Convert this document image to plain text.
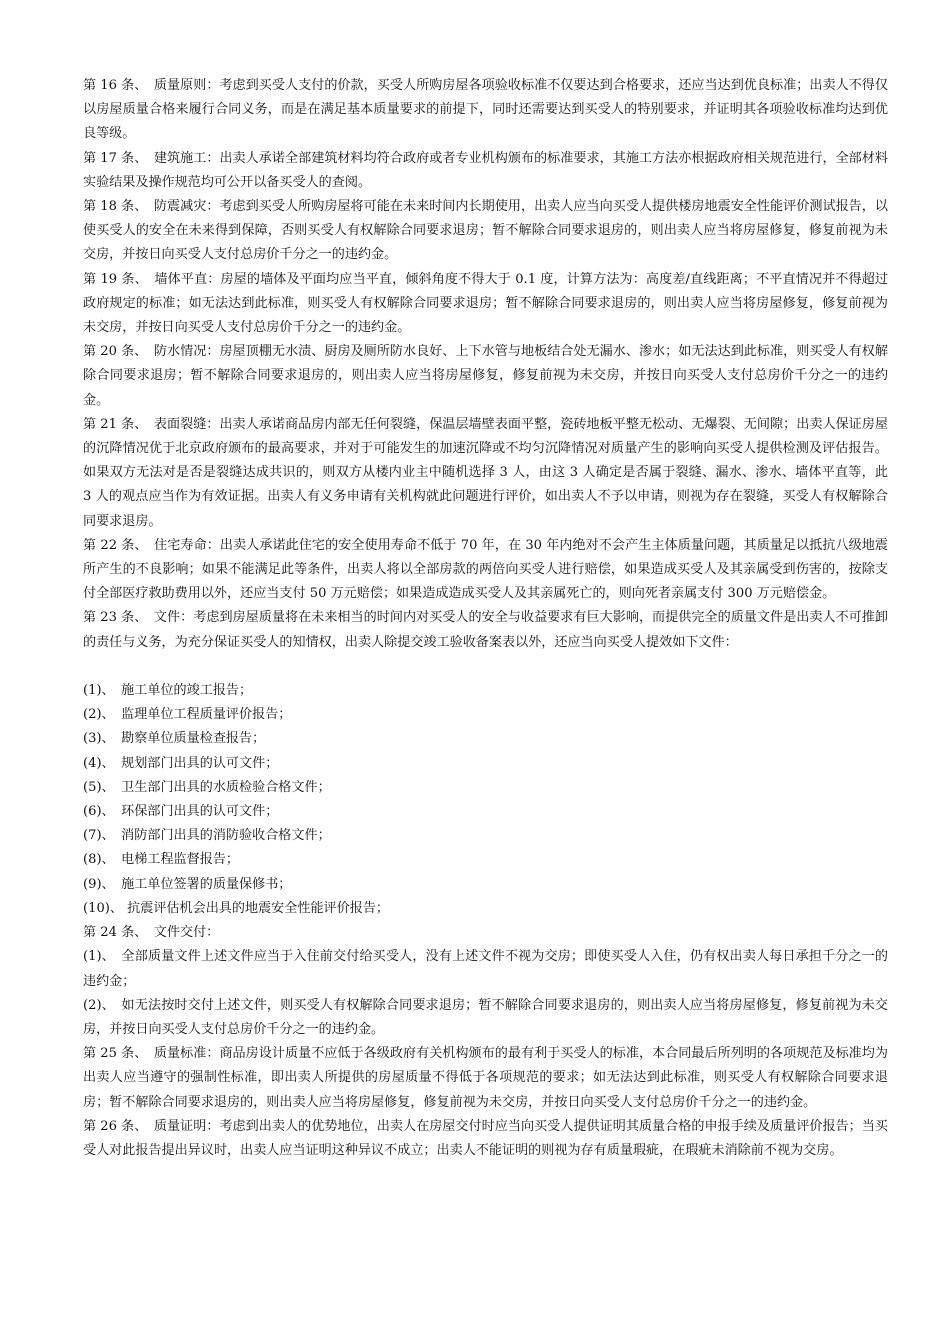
第 16 条、　质量原则：考虑到买受人支付的价款，买受人所购房屋各项验收标准不仅要达到合格要求，还应当达到优良标准；出卖人不得仅以房屋质量合格来履行合同义务，而是在满足基本质量要求的前提下，同时还需要达到买受人的特别要求，并证明其各项验收标准均达到优良等级。

第 17 条、　建筑施工：出卖人承诺全部建筑材料均符合政府或者专业机构颁布的标准要求，其施工方法亦根据政府相关规范进行，全部材料实验结果及操作规范均可公开以备买受人的查阅。

第 18 条、　防震减灾：考虑到买受人所购房屋将可能在未来时间内长期使用，出卖人应当向买受人提供楼房地震安全性能评价测试报告，以使买受人的安全在未来得到保障，否则买受人有权解除合同要求退房；暂不解除合同要求退房的，则出卖人应当将房屋修复，修复前视为未交房，并按日向买受人支付总房价千分之一的违约金。

第 19 条、　墙体平直：房屋的墙体及平面均应当平直，倾斜角度不得大于 0.1 度，计算方法为：高度差/直线距离；不平直情况并不得超过政府规定的标准；如无法达到此标准，则买受人有权解除合同要求退房；暂不解除合同要求退房的，则出卖人应当将房屋修复，修复前视为未交房，并按日向买受人支付总房价千分之一的违约金。

第 20 条、　防水情况：房屋顶棚无水渍、厨房及厕所防水良好、上下水管与地板结合处无漏水、渗水；如无法达到此标准，则买受人有权解除合同要求退房；暂不解除合同要求退房的，则出卖人应当将房屋修复，修复前视为未交房，并按日向买受人支付总房价千分之一的违约金。

第 21 条、　表面裂缝：出卖人承诺商品房内部无任何裂缝，保温层墙壁表面平整，瓷砖地板平整无松动、无爆裂、无间隙；出卖人保证房屋的沉降情况优于北京政府颁布的最高要求，并对于可能发生的加速沉降或不均匀沉降情况对质量产生的影响向买受人提供检测及评估报告。如果双方无法对是否是裂缝达成共识的，则双方从楼内业主中随机选择 3 人，由这 3 人确定是否属于裂缝、漏水、渗水、墙体平直等，此 3 人的观点应当作为有效证据。出卖人有义务申请有关机构就此问题进行评价，如出卖人不予以申请，则视为存在裂缝，买受人有权解除合同要求退房。

第 22 条、　住宅寿命：出卖人承诺此住宅的安全使用寿命不低于 70 年，在 30 年内绝对不会产生主体质量问题，其质量足以抵抗八级地震所产生的不良影响；如果不能满足此等条件，出卖人将以全部房款的两倍向买受人进行赔偿，如果造成买受人及其亲属受到伤害的，按除支付全部医疗救助费用以外，还应当支付 50 万元赔偿；如果造成造成买受人及其亲属死亡的，则向死者亲属支付 300 万元赔偿金。

第 23 条、　文件：考虑到房屋质量将在未来相当的时间内对买受人的安全与收益要求有巨大影响，而提供完全的质量文件是出卖人不可推卸的责任与义务，为充分保证买受人的知情权，出卖人除提交竣工验收备案表以外，还应当向买受人提效如下文件：

(1)、　施工单位的竣工报告；

(2)、　监理单位工程质量评价报告；

(3)、　勘察单位质量检查报告；

(4)、　规划部门出具的认可文件；

(5)、　卫生部门出具的水质检验合格文件；

(6)、　环保部门出具的认可文件；

(7)、　消防部门出具的消防验收合格文件；

(8)、　电梯工程监督报告；

(9)、　施工单位签署的质量保修书；

(10)、 抗震评估机会出具的地震安全性能评价报告；

第 24 条、　文件交付：

(1)、　全部质量文件上述文件应当于入住前交付给买受人，没有上述文件不视为交房；即使买受人入住，仍有权出卖人每日承担千分之一的违约金；

(2)、　如无法按时交付上述文件，则买受人有权解除合同要求退房；暂不解除合同要求退房的，则出卖人应当将房屋修复，修复前视为未交房，并按日向买受人支付总房价千分之一的违约金。

第 25 条、　质量标准：商品房设计质量不应低于各级政府有关机构颁布的最有利于买受人的标准，本合同最后所列明的各项规范及标准均为出卖人应当遵守的强制性标准，即出卖人所提供的房屋质量不得低于各项规范的要求；如无法达到此标准，则买受人有权解除合同要求退房；暂不解除合同要求退房的，则出卖人应当将房屋修复，修复前视为未交房，并按日向买受人支付总房价千分之一的违约金。

第 26 条、　质量证明：考虑到出卖人的优势地位，出卖人在房屋交付时应当向买受人提供证明其质量合格的申报手续及质量评价报告；当买受人对此报告提出异议时，出卖人应当证明这种异议不成立；出卖人不能证明的则视为存有质量瑕疵，在瑕疵未消除前不视为交房。
